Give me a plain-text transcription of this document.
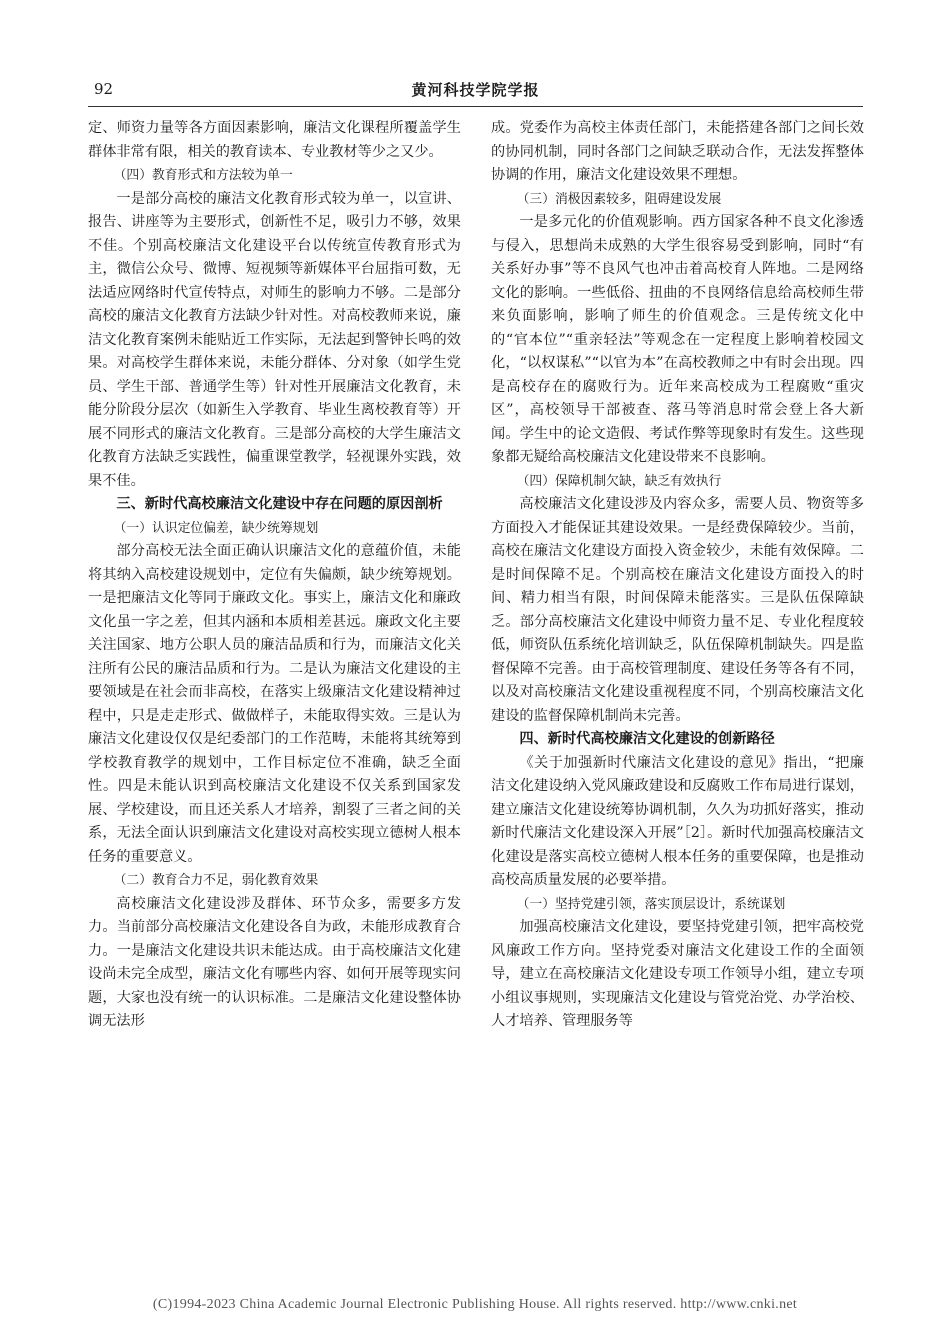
92	黄河科技学院学报

定、师资力量等各方面因素影响，廉洁文化课程所覆盖学生群体非常有限，相关的教育读本、专业教材等少之又少。

（四）教育形式和方法较为单一

一是部分高校的廉洁文化教育形式较为单一，以宣讲、报告、讲座等为主要形式，创新性不足，吸引力不够，效果不佳。个别高校廉洁文化建设平台以传统宣传教育形式为主，微信公众号、微博、短视频等新媒体平台屈指可数，无法适应网络时代宣传特点，对师生的影响力不够。二是部分高校的廉洁文化教育方法缺少针对性。对高校教师来说，廉洁文化教育案例未能贴近工作实际，无法起到警钟长鸣的效果。对高校学生群体来说，未能分群体、分对象（如学生党员、学生干部、普通学生等）针对性开展廉洁文化教育，未能分阶段分层次（如新生入学教育、毕业生离校教育等）开展不同形式的廉洁文化教育。三是部分高校的大学生廉洁文化教育方法缺乏实践性，偏重课堂教学，轻视课外实践，效果不佳。

三、新时代高校廉洁文化建设中存在问题的原因剖析

（一）认识定位偏差，缺少统筹规划

部分高校无法全面正确认识廉洁文化的意蕴价值，未能将其纳入高校建设规划中，定位有失偏颇，缺少统筹规划。一是把廉洁文化等同于廉政文化。事实上，廉洁文化和廉政文化虽一字之差，但其内涵和本质相差甚远。廉政文化主要关注国家、地方公职人员的廉洁品质和行为，而廉洁文化关注所有公民的廉洁品质和行为。二是认为廉洁文化建设的主要领域是在社会而非高校，在落实上级廉洁文化建设精神过程中，只是走走形式、做做样子，未能取得实效。三是认为廉洁文化建设仅仅是纪委部门的工作范畴，未能将其统筹到学校教育教学的规划中，工作目标定位不准确，缺乏全面性。四是未能认识到高校廉洁文化建设不仅关系到国家发展、学校建设，而且还关系人才培养，割裂了三者之间的关系，无法全面认识到廉洁文化建设对高校实现立德树人根本任务的重要意义。

（二）教育合力不足，弱化教育效果

高校廉洁文化建设涉及群体、环节众多，需要多方发力。当前部分高校廉洁文化建设各自为政，未能形成教育合力。一是廉洁文化建设共识未能达成。由于高校廉洁文化建设尚未完全成型，廉洁文化有哪些内容、如何开展等现实问题，大家也没有统一的认识标准。二是廉洁文化建设整体协调无法形

成。党委作为高校主体责任部门，未能搭建各部门之间长效的协同机制，同时各部门之间缺乏联动合作，无法发挥整体协调的作用，廉洁文化建设效果不理想。

（三）消极因素较多，阻碍建设发展

一是多元化的价值观影响。西方国家各种不良文化渗透与侵入，思想尚未成熟的大学生很容易受到影响，同时“有关系好办事”等不良风气也冲击着高校育人阵地。二是网络文化的影响。一些低俗、扭曲的不良网络信息给高校师生带来负面影响，影响了师生的价值观念。三是传统文化中的“官本位”“重亲轻法”等观念在一定程度上影响着校园文化，“以权谋私”“以官为本”在高校教师之中有时会出现。四是高校存在的腐败行为。近年来高校成为工程腐败“重灾区”，高校领导干部被查、落马等消息时常会登上各大新闻。学生中的论文造假、考试作弊等现象时有发生。这些现象都无疑给高校廉洁文化建设带来不良影响。

（四）保障机制欠缺，缺乏有效执行

高校廉洁文化建设涉及内容众多，需要人员、物资等多方面投入才能保证其建设效果。一是经费保障较少。当前，高校在廉洁文化建设方面投入资金较少，未能有效保障。二是时间保障不足。个别高校在廉洁文化建设方面投入的时间、精力相当有限，时间保障未能落实。三是队伍保障缺乏。部分高校廉洁文化建设中师资力量不足、专业化程度较低，师资队伍系统化培训缺乏，队伍保障机制缺失。四是监督保障不完善。由于高校管理制度、建设任务等各有不同，以及对高校廉洁文化建设重视程度不同，个别高校廉洁文化建设的监督保障机制尚未完善。

四、新时代高校廉洁文化建设的创新路径

《关于加强新时代廉洁文化建设的意见》指出，“把廉洁文化建设纳入党风廉政建设和反腐败工作布局进行谋划，建立廉洁文化建设统筹协调机制，久久为功抓好落实，推动新时代廉洁文化建设深入开展”［2］。新时代加强高校廉洁文化建设是落实高校立德树人根本任务的重要保障，也是推动高校高质量发展的必要举措。

（一）坚持党建引领，落实顶层设计，系统谋划

加强高校廉洁文化建设，要坚持党建引领，把牢高校党风廉政工作方向。坚持党委对廉洁文化建设工作的全面领导，建立在高校廉洁文化建设专项工作领导小组，建立专项小组议事规则，实现廉洁文化建设与管党治党、办学治校、人才培养、管理服务等

(C)1994-2023 China Academic Journal Electronic Publishing House. All rights reserved. http://www.cnki.net
